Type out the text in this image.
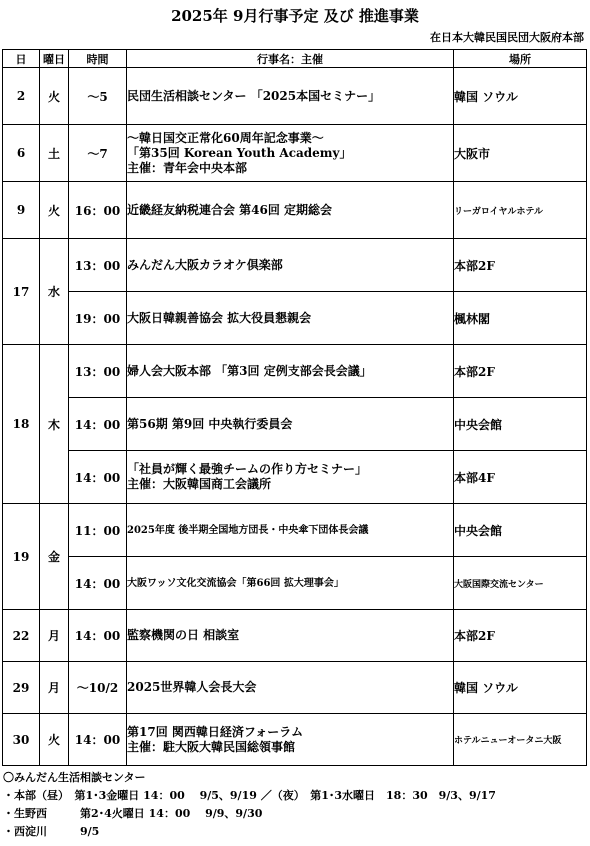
2025年 9月行事予定 及び 推進事業
在日本大韓民国民団大阪府本部
日	曜日	時間	行事名：主催	場所
2	火	～5	民団生活相談センター 「2025本国セミナー」	韓国 ソウル
6	土	～7	～韓日国交正常化60周年記念事業～
「第35回 Korean Youth Academy」
主催：青年会中央本部	大阪市
9	火	16：00	近畿経友納税連合会 第46回 定期総会	リーガロイヤルホテル
17	水	13：00	みんだん大阪カラオケ倶楽部	本部2F
		19：00	大阪日韓親善協会 拡大役員懇親会	楓林閣
18	木	13：00	婦人会大阪本部 「第3回 定例支部会長会議」	本部2F
		14：00	第56期 第9回 中央執行委員会	中央会館
		14：00	「社員が輝く最強チームの作り方セミナー」
主催：大阪韓国商工会議所	本部4F
19	金	11：00	2025年度 後半期全国地方団長・中央傘下団体長会議	中央会館
		14：00	大阪ワッソ文化交流協会「第66回 拡大理事会」	大阪国際交流センター
22	月	14：00	監察機関の日 相談室	本部2F
29	月	～10/2	2025世界韓人会長大会	韓国 ソウル
30	火	14：00	第17回 関西韓日経済フォーラム
主催：駐大阪大韓民国総領事館	ホテルニューオータニ大阪
〇みんだん生活相談センター
・本部（昼）　第1･3金曜日 14：00　 9/5、9/19 ／（夜）　第1･3水曜日　18：30　9/3、9/17
・生野西　　　第2･4火曜日 14：00　 9/9、9/30
・西淀川　　　9/5
